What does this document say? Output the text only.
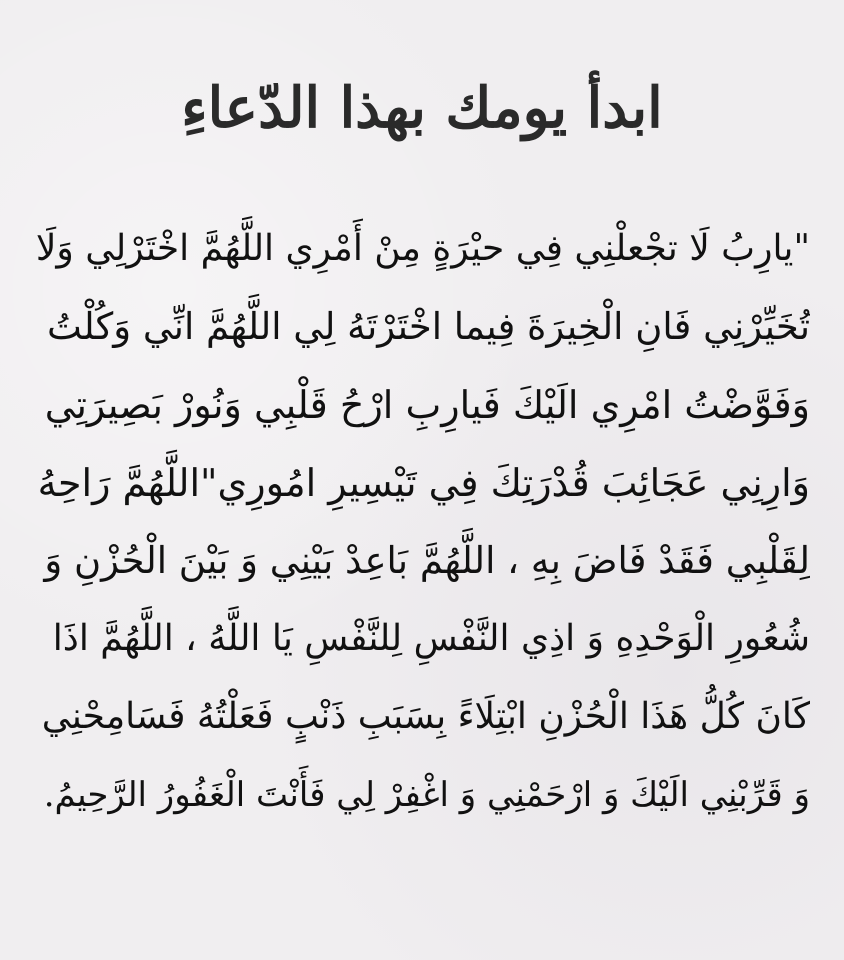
ابدأ يومك بهذا الدّعاءِ
"يارِبُ لَا تجْعلْنِي فِي حيْرَةٍ مِنْ أَمْرِي اللَّهُمَّ اخْتَرْلِي وَلَا
تُخَيِّرْنِي فَانِ الْخِيرَةَ فِيما اخْتَرْتَهُ لِي اللَّهُمَّ انِّي وَكُلْتُ
وَفَوَّضْتُ امْرِي الَيْكَ فَيارِبِ ارْحُ قَلْبِي وَنُورْ بَصِيرَتِي
وَارِنِي عَجَائِبَ قُدْرَتِكَ فِي تَيْسِيرِ امُورِي"اللَّهُمَّ رَاحِهُ
لِقَلْبِي فَقَدْ فَاضَ بِهِ ، اللَّهُمَّ بَاعِدْ بَيْنِي وَ بَيْنَ الْحُزْنِ وَ
شُعُورِ الْوَحْدِهِ وَ اذِي النَّفْسِ لِلنَّفْسِ يَا اللَّهُ ، اللَّهُمَّ اذَا
كَانَ كُلُّ هَذَا الْحُزْنِ ابْتِلَاءً بِسَبَبِ ذَنْبٍ فَعَلْتُهُ فَسَامِحْنِي
وَ قَرِّبْنِي الَيْكَ وَ ارْحَمْنِي وَ اغْفِرْ لِي فَأَنْتَ الْغَفُورُ الرَّحِيمُ.
